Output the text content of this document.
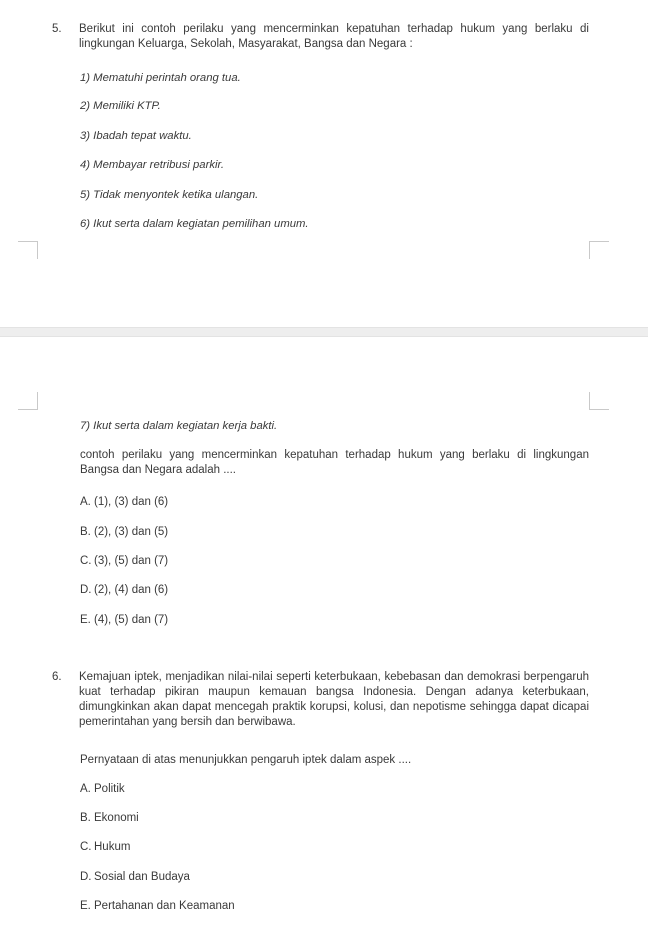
5.	Berikut ini contoh perilaku yang mencerminkan kepatuhan terhadap hukum yang berlaku di lingkungan Keluarga, Sekolah, Masyarakat, Bangsa dan Negara :
1) Mematuhi perintah orang tua.
2) Memiliki KTP.
3) Ibadah tepat waktu.
4) Membayar retribusi parkir.
5) Tidak menyontek ketika ulangan.
6) Ikut serta dalam kegiatan pemilihan umum.
7) Ikut serta dalam kegiatan kerja bakti.
contoh perilaku yang mencerminkan kepatuhan terhadap hukum yang berlaku di lingkungan Bangsa dan Negara adalah ....
A. (1), (3) dan (6)
B. (2), (3) dan (5)
C. (3), (5) dan (7)
D. (2), (4) dan (6)
E. (4), (5) dan (7)
6.	Kemajuan iptek, menjadikan nilai-nilai seperti keterbukaan, kebebasan dan demokrasi berpengaruh kuat terhadap pikiran maupun kemauan bangsa Indonesia. Dengan adanya keterbukaan, dimungkinkan akan dapat mencegah praktik korupsi, kolusi, dan nepotisme sehingga dapat dicapai pemerintahan yang bersih dan berwibawa.
Pernyataan di atas menunjukkan pengaruh iptek dalam aspek ....
A. Politik
B. Ekonomi
C. Hukum
D. Sosial dan Budaya
E. Pertahanan dan Keamanan
